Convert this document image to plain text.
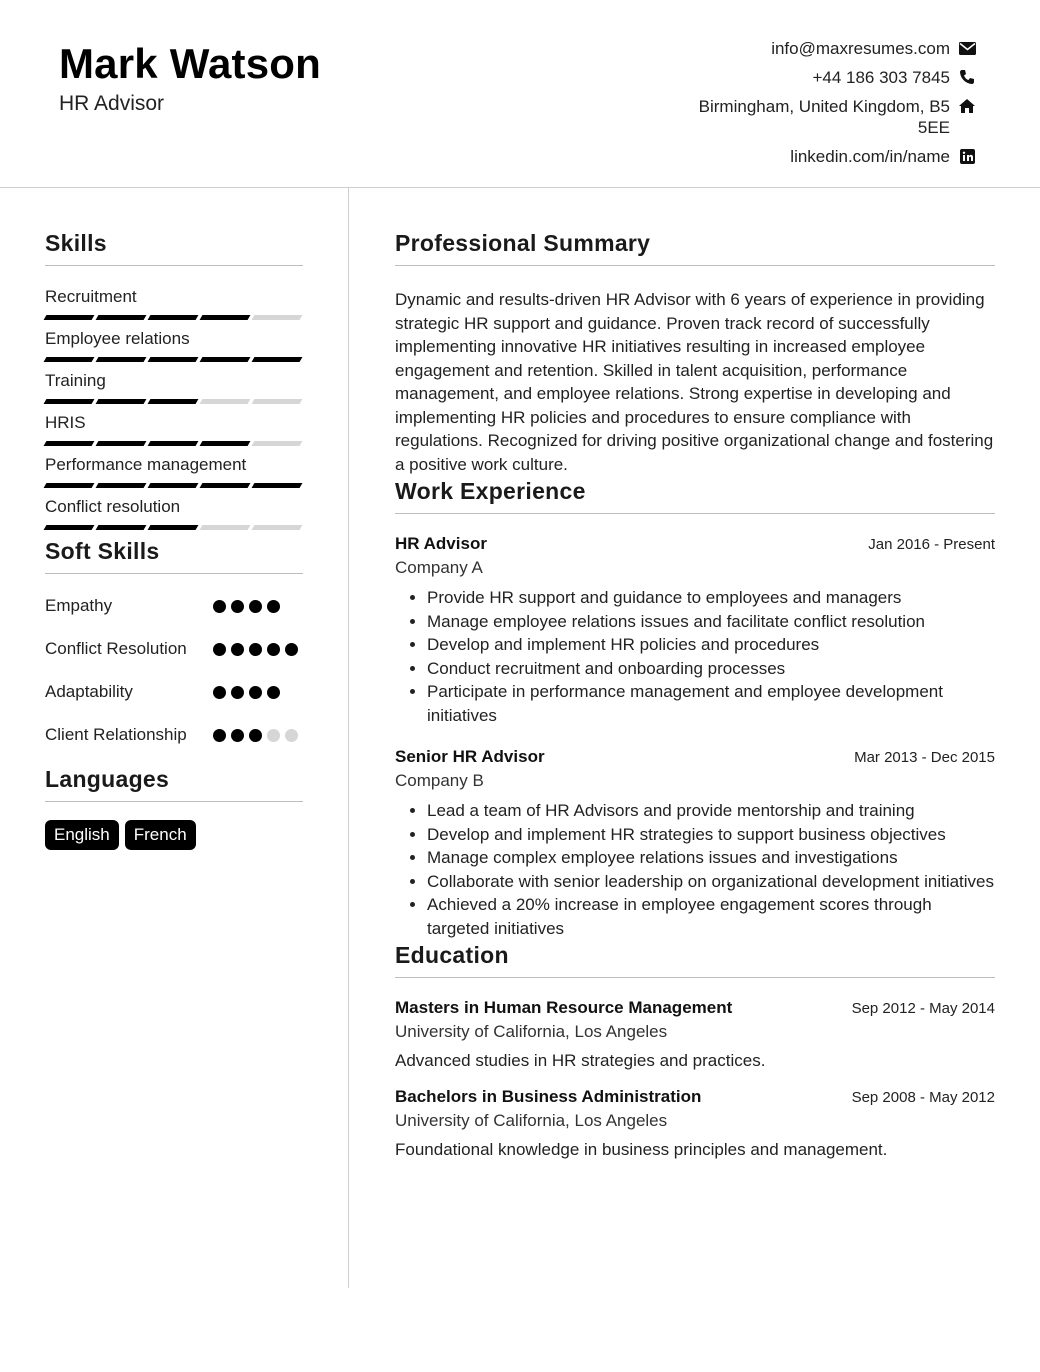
Mark Watson
HR Advisor
info@maxresumes.com
+44 186 303 7845
Birmingham, United Kingdom, B5 5EE
linkedin.com/in/name
Skills
Recruitment
Employee relations
Training
HRIS
Performance management
Conflict resolution
Soft Skills
Empathy
Conflict Resolution
Adaptability
Client Relationship
Languages
English	French
Professional Summary
Dynamic and results-driven HR Advisor with 6 years of experience in providing strategic HR support and guidance. Proven track record of successfully implementing innovative HR initiatives resulting in increased employee engagement and retention. Skilled in talent acquisition, performance management, and employee relations. Strong expertise in developing and implementing HR policies and procedures to ensure compliance with regulations. Recognized for driving positive organizational change and fostering a positive work culture.
Work Experience
HR Advisor	Jan 2016 - Present
Company A
• Provide HR support and guidance to employees and managers
• Manage employee relations issues and facilitate conflict resolution
• Develop and implement HR policies and procedures
• Conduct recruitment and onboarding processes
• Participate in performance management and employee development initiatives
Senior HR Advisor	Mar 2013 - Dec 2015
Company B
• Lead a team of HR Advisors and provide mentorship and training
• Develop and implement HR strategies to support business objectives
• Manage complex employee relations issues and investigations
• Collaborate with senior leadership on organizational development initiatives
• Achieved a 20% increase in employee engagement scores through targeted initiatives
Education
Masters in Human Resource Management	Sep 2012 - May 2014
University of California, Los Angeles
Advanced studies in HR strategies and practices.
Bachelors in Business Administration	Sep 2008 - May 2012
University of California, Los Angeles
Foundational knowledge in business principles and management.
